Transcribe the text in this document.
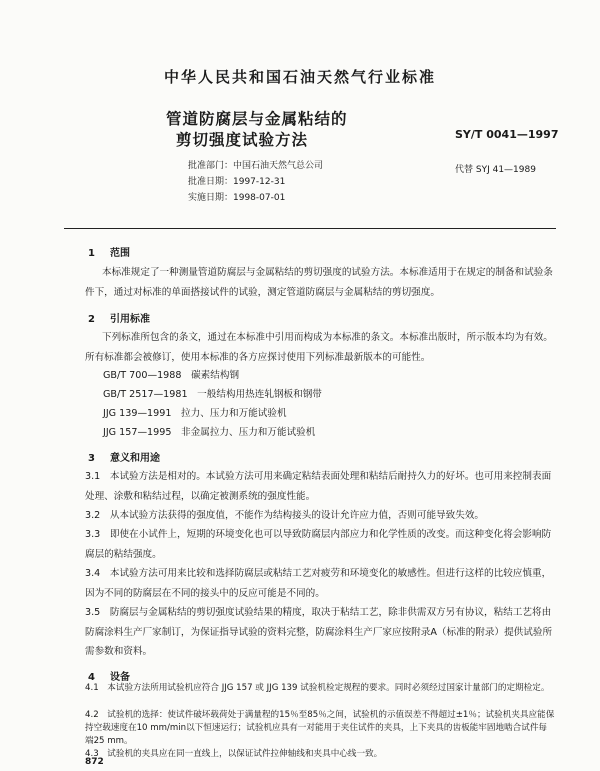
中华人民共和国石油天然气行业标准
管道防腐层与金属粘结的
剪切强度试验方法	SY/T 0041—1997
代替 SYJ 41—1989
批准部门：中国石油天然气总公司
批准日期：1997-12-31
实施日期：1998-07-01
1 范围
本标准规定了一种测量管道防腐层与金属粘结的剪切强度的试验方法。本标准适用于在规定的制备和试验条件下，通过对标准的单面搭接试件的试验，测定管道防腐层与金属粘结的剪切强度。
2 引用标准
下列标准所包含的条文，通过在本标准中引用而构成为本标准的条文。本标准出版时，所示版本均为有效。所有标准都会被修订，使用本标准的各方应探讨使用下列标准最新版本的可能性。
GB/T 700—1988　碳素结构钢
GB/T 2517—1981　一般结构用热连轧钢板和钢带
JJG 139—1991　拉力、压力和万能试验机
JJG 157—1995　非金属拉力、压力和万能试验机
3 意义和用途
3.1　本试验方法是相对的。本试验方法可用来确定粘结表面处理和粘结后耐持久力的好坏。也可用来控制表面处理、涂敷和粘结过程，以确定被测系统的强度性能。
3.2　从本试验方法获得的强度值，不能作为结构接头的设计允许应力值，否则可能导致失效。
3.3　即使在小试件上，短期的环境变化也可以导致防腐层内部应力和化学性质的改变。而这种变化将会影响防腐层的粘结强度。
3.4　本试验方法可用来比较和选择防腐层或粘结工艺对疲劳和环境变化的敏感性。但进行这样的比较应慎重，因为不同的防腐层在不同的接头中的反应可能是不同的。
3.5　防腐层与金属粘结的剪切强度试验结果的精度，取决于粘结工艺，除非供需双方另有协议，粘结工艺将由防腐涂料生产厂家制订，为保证指导试验的资料完整，防腐涂料生产厂家应按附录A（标准的附录）提供试验所需参数和资料。
4 设备
4.1　本试验方法所用试验机应符合 JJG 157 或 JJG 139 试验机检定规程的要求。同时必须经过国家计量部门的定期检定。
4.2　试验机的选择：使试件破坏载荷处于满量程的15％至85％之间，试验机的示值误差不得超过±1％；试验机夹具应能保持空载速度在10 mm/min以下恒速运行；试验机应具有一对能用于夹住试件的夹具，上下夹具的齿板能牢固地啮合试件每端25 mm。
4.3　试验机的夹具应在同一直线上，以保证试件拉伸轴线和夹具中心线一致。
872
